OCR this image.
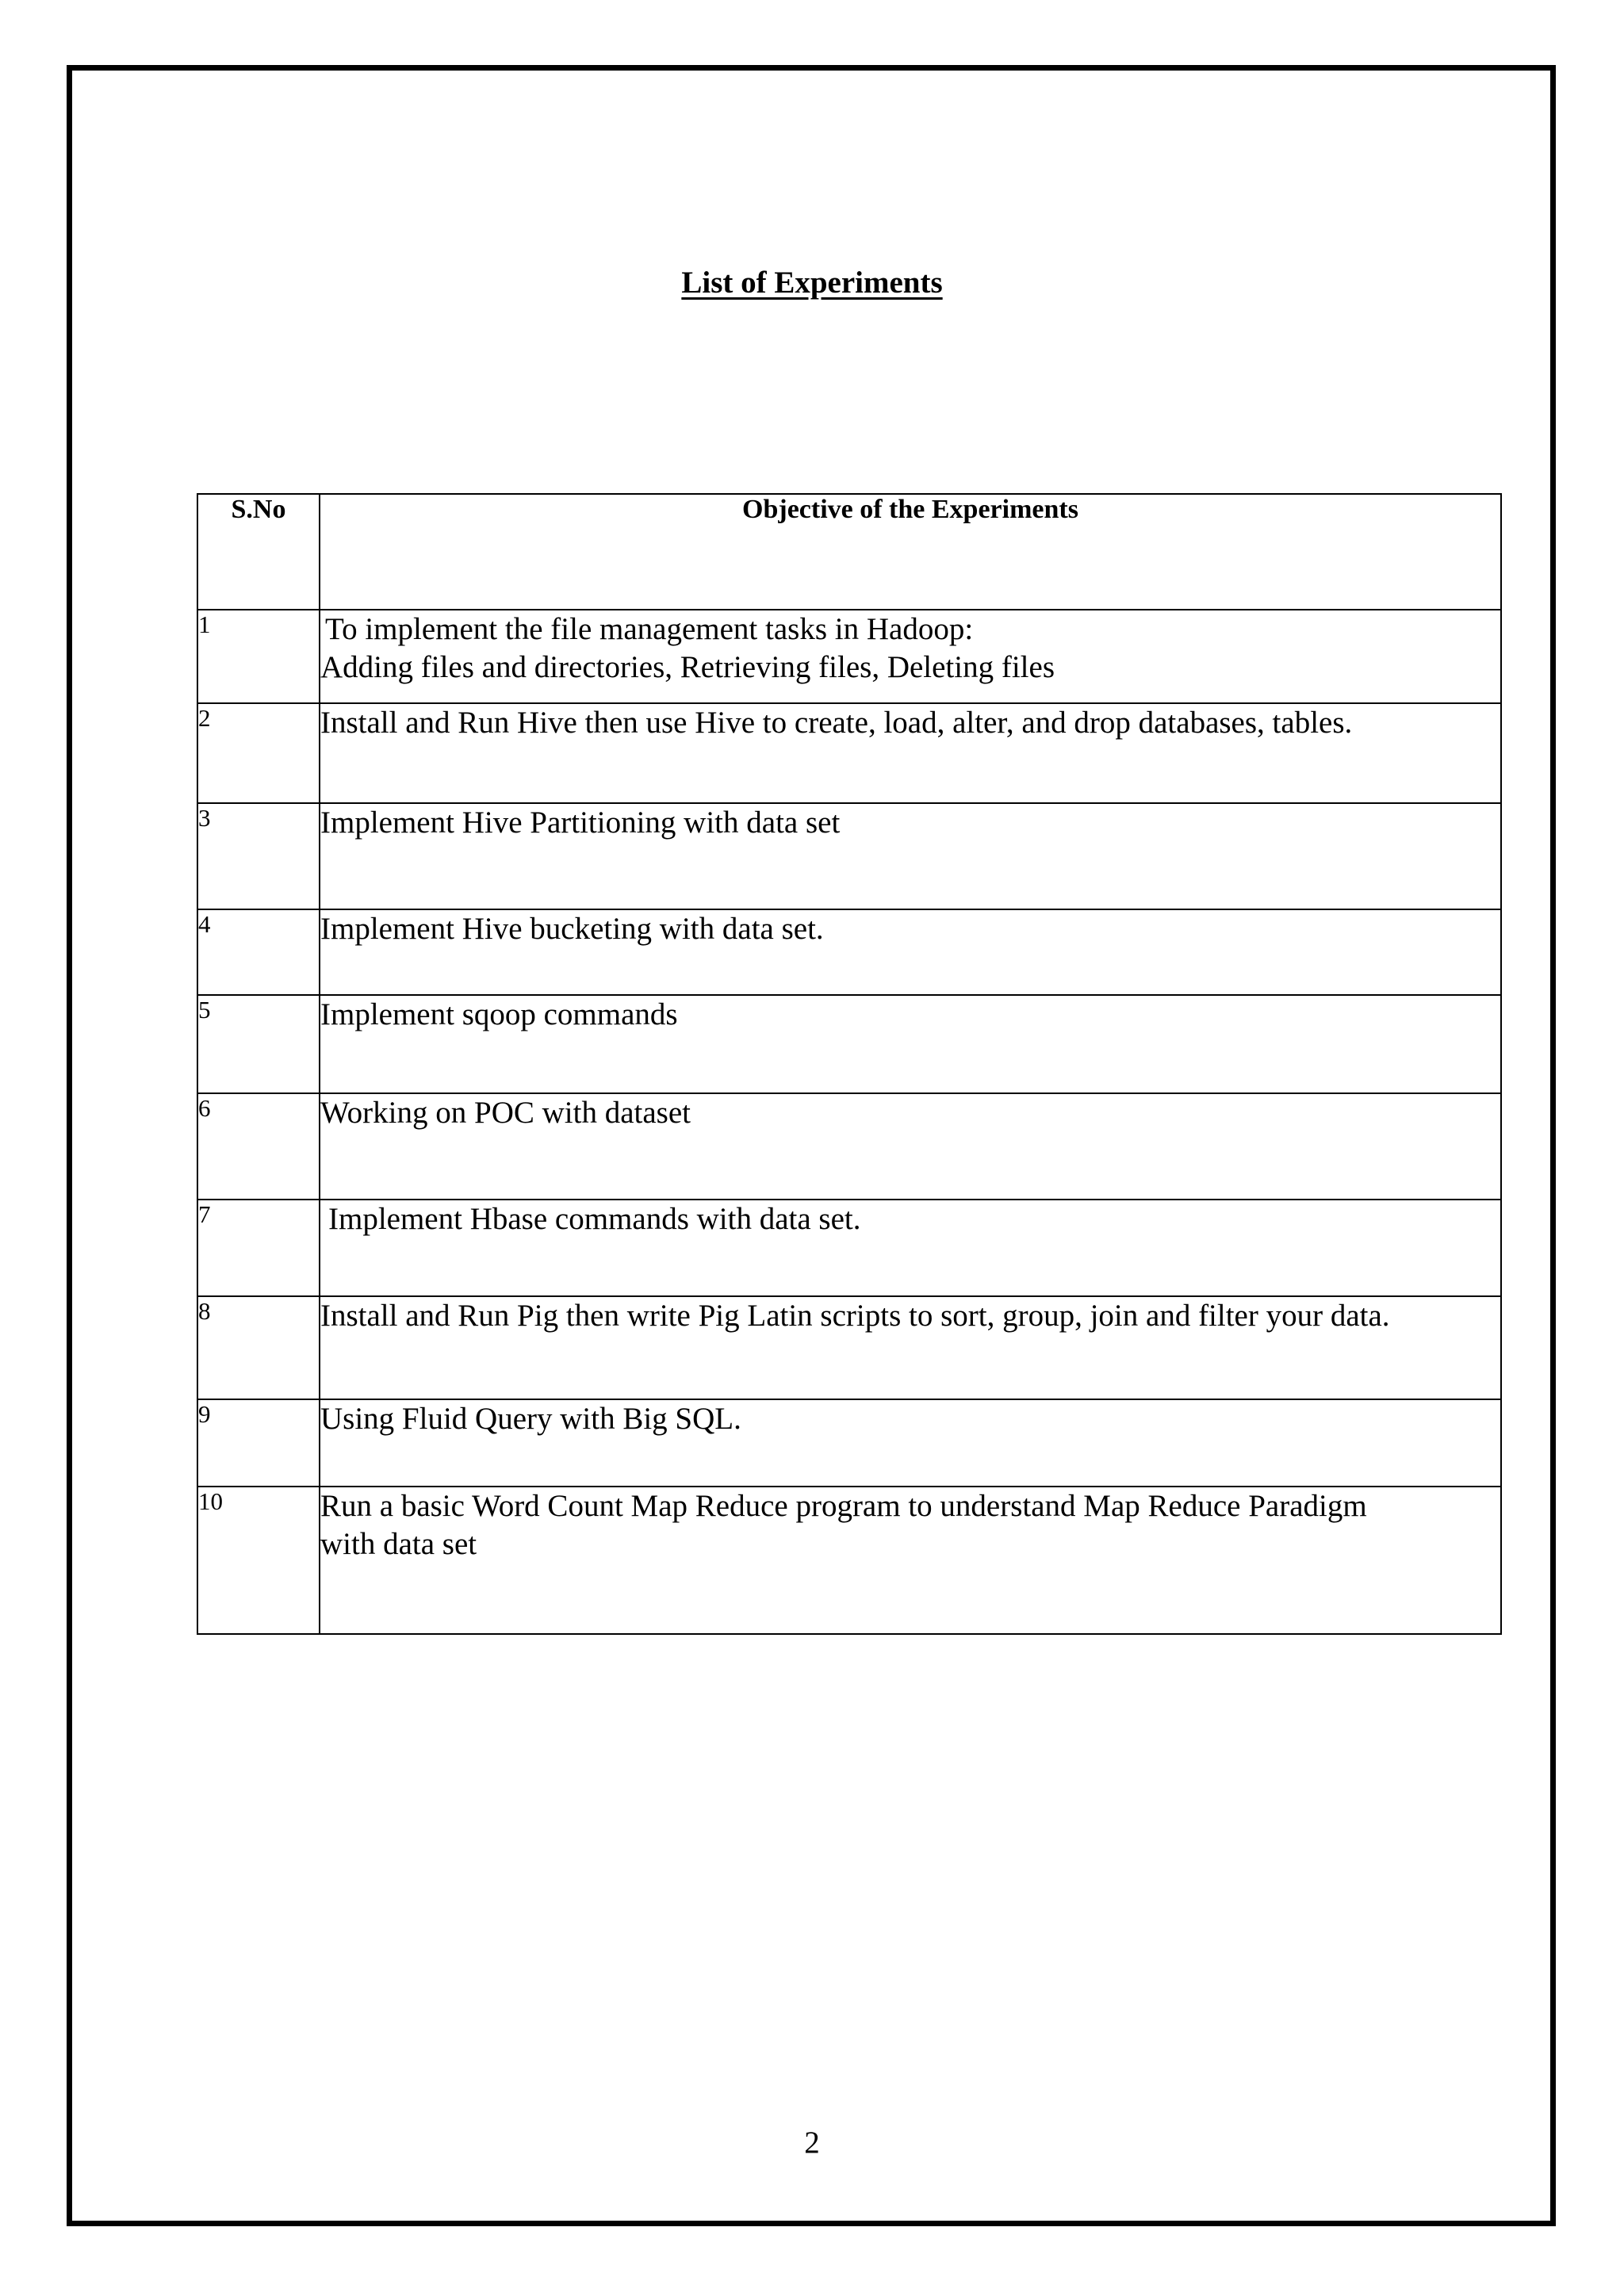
List of Experiments
S.No	Objective of the Experiments
1	To implement the file management tasks in Hadoop:
Adding files and directories, Retrieving files, Deleting files

2	Install and Run Hive then use Hive to create, load, alter, and drop databases, tables.

3	Implement Hive Partitioning with data set

4	Implement Hive bucketing with data set.

5	Implement sqoop commands

6	Working on POC with dataset

7	Implement Hbase commands with data set.

8	Install and Run Pig then write Pig Latin scripts to sort, group, join and filter your data.

9	Using Fluid Query with Big SQL.

10	Run a basic Word Count Map Reduce program to understand Map Reduce Paradigm
with data set
2
